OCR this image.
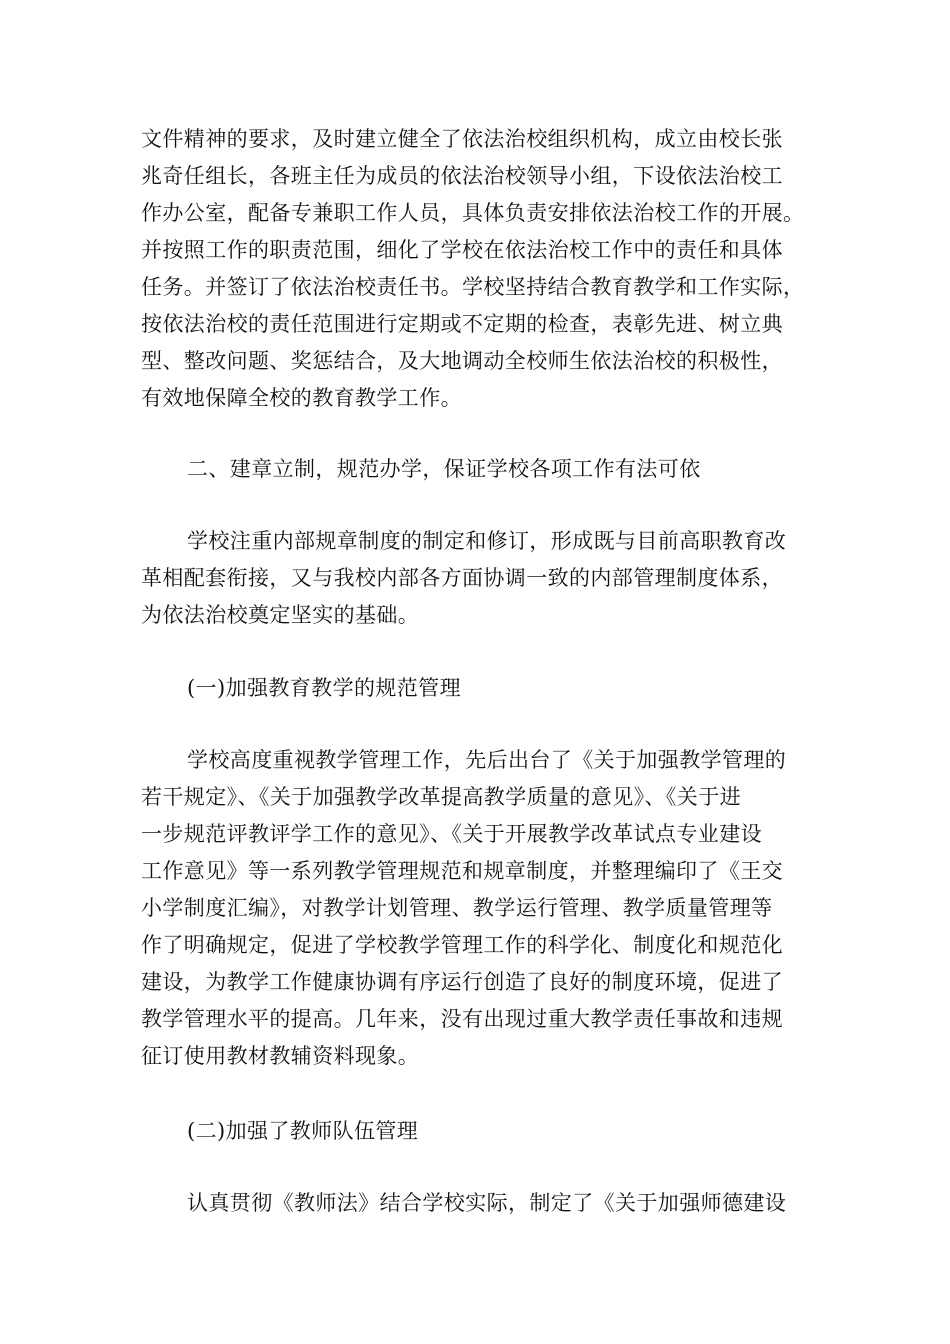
文件精神的要求，及时建立健全了依法治校组织机构，成立由校长张
兆奇任组长，各班主任为成员的依法治校领导小组，下设依法治校工
作办公室，配备专兼职工作人员，具体负责安排依法治校工作的开展。
并按照工作的职责范围，细化了学校在依法治校工作中的责任和具体
任务。并签订了依法治校责任书。学校坚持结合教育教学和工作实际，
按依法治校的责任范围进行定期或不定期的检查，表彰先进、树立典
型、整改问题、奖惩结合，及大地调动全校师生依法治校的积极性，
有效地保障全校的教育教学工作。
二、建章立制，规范办学，保证学校各项工作有法可依
学校注重内部规章制度的制定和修订，形成既与目前高职教育改
革相配套衔接，又与我校内部各方面协调一致的内部管理制度体系，
为依法治校奠定坚实的基础。
(一)加强教育教学的规范管理
学校高度重视教学管理工作，先后出台了《关于加强教学管理的
若干规定》、《关于加强教学改革提高教学质量的意见》、《关于进
一步规范评教评学工作的意见》、《关于开展教学改革试点专业建设
工作意见》等一系列教学管理规范和规章制度，并整理编印了《王交
小学制度汇编》，对教学计划管理、教学运行管理、教学质量管理等
作了明确规定，促进了学校教学管理工作的科学化、制度化和规范化
建设，为教学工作健康协调有序运行创造了良好的制度环境，促进了
教学管理水平的提高。几年来，没有出现过重大教学责任事故和违规
征订使用教材教辅资料现象。
(二)加强了教师队伍管理
认真贯彻《教师法》结合学校实际，制定了《关于加强师德建设
